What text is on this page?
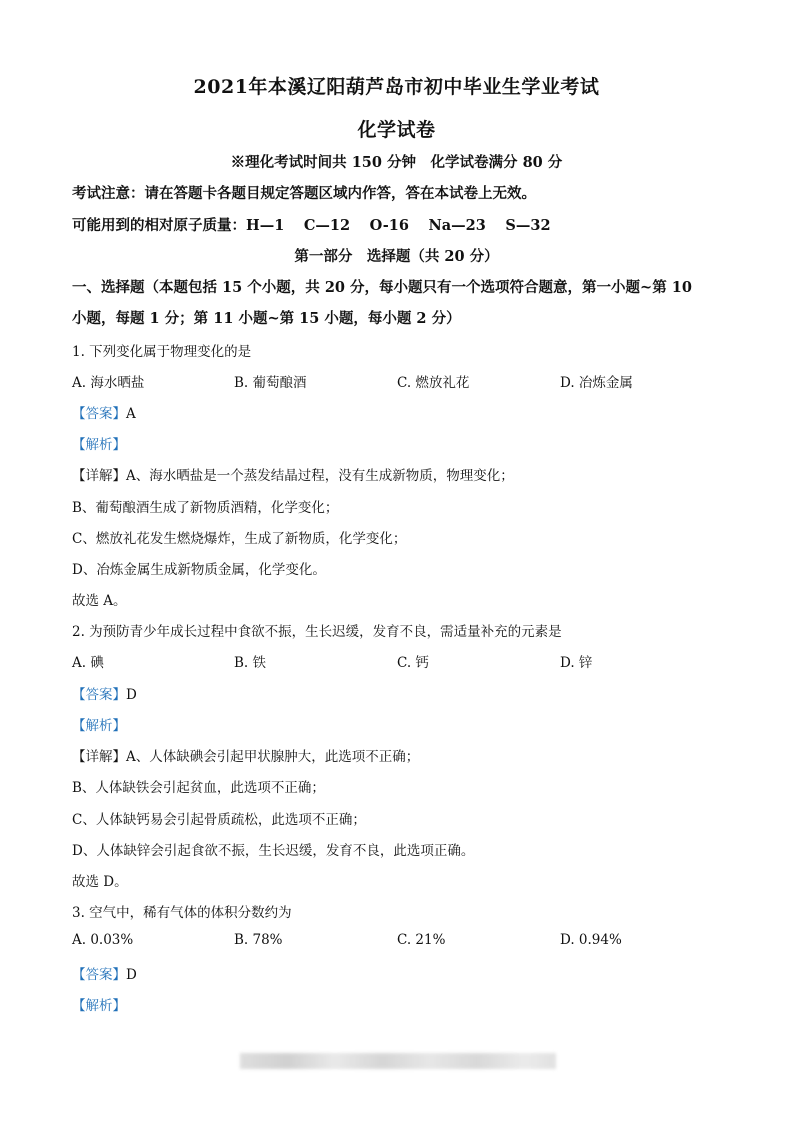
2021年本溪辽阳葫芦岛市初中毕业生学业考试
化学试卷
※理化考试时间共 150 分钟　化学试卷满分 80 分
考试注意：请在答题卡各题目规定答题区域内作答，答在本试卷上无效。
可能用到的相对原子质量：H—1　 C—12　 O-16　 Na—23　 S—32
第一部分　选择题（共 20 分）
一、选择题（本题包括 15 个小题，共 20 分，每小题只有一个选项符合题意，第一小题~第 10
小题，每题 1 分；第 11 小题~第 15 小题，每小题 2 分）
1. 下列变化属于物理变化的是
A. 海水晒盐	B. 葡萄酿酒	C. 燃放礼花	D. 冶炼金属
【答案】A
【解析】
【详解】A、海水晒盐是一个蒸发结晶过程，没有生成新物质，物理变化；
B、葡萄酿酒生成了新物质酒精，化学变化；
C、燃放礼花发生燃烧爆炸，生成了新物质，化学变化；
D、冶炼金属生成新物质金属，化学变化。
故选 A。
2. 为预防青少年成长过程中食欲不振，生长迟缓，发育不良，需适量补充的元素是
A. 碘	B. 铁	C. 钙	D. 锌
【答案】D
【解析】
【详解】A、人体缺碘会引起甲状腺肿大，此选项不正确；
B、人体缺铁会引起贫血，此选项不正确；
C、人体缺钙易会引起骨质疏松，此选项不正确；
D、人体缺锌会引起食欲不振，生长迟缓，发育不良，此选项正确。
故选 D。
3. 空气中，稀有气体的体积分数约为
A. 0.03%	B. 78%	C. 21%	D. 0.94%
【答案】D
【解析】
